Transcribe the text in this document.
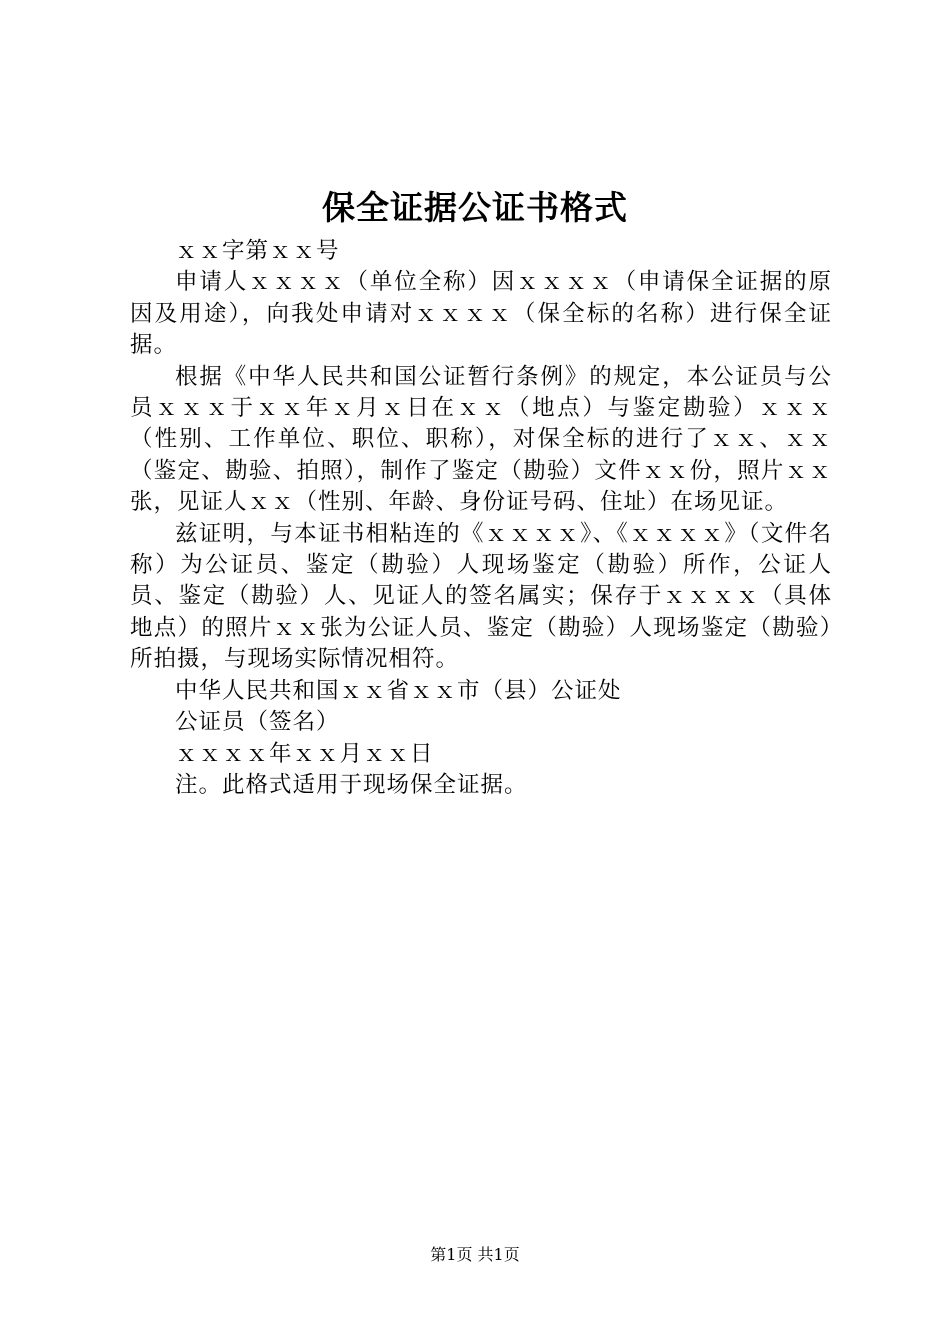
保全证据公证书格式

ｘｘ字第ｘｘ号

申请人ｘｘｘｘ（单位全称）因ｘｘｘｘ（申请保全证据的原因及用途），向我处申请对ｘｘｘｘ（保全标的名称）进行保全证据。

根据《中华人民共和国公证暂行条例》的规定，本公证员与公员ｘｘｘ于ｘｘ年ｘ月ｘ日在ｘｘ（地点）与鉴定勘验）ｘｘｘ（性别、工作单位、职位、职称），对保全标的进行了ｘｘ、ｘｘ（鉴定、勘验、拍照），制作了鉴定（勘验）文件ｘｘ份，照片ｘｘ张，见证人ｘｘ（性别、年龄、身份证号码、住址）在场见证。

兹证明，与本证书相粘连的《ｘｘｘｘ》、《ｘｘｘｘ》（文件名称）为公证员、鉴定（勘验）人现场鉴定（勘验）所作，公证人员、鉴定（勘验）人、见证人的签名属实；保存于ｘｘｘｘ（具体地点）的照片ｘｘ张为公证人员、鉴定（勘验）人现场鉴定（勘验）所拍摄，与现场实际情况相符。

中华人民共和国ｘｘ省ｘｘ市（县）公证处

公证员（签名）

ｘｘｘｘ年ｘｘ月ｘｘ日

注。此格式适用于现场保全证据。

第1页 共1页
